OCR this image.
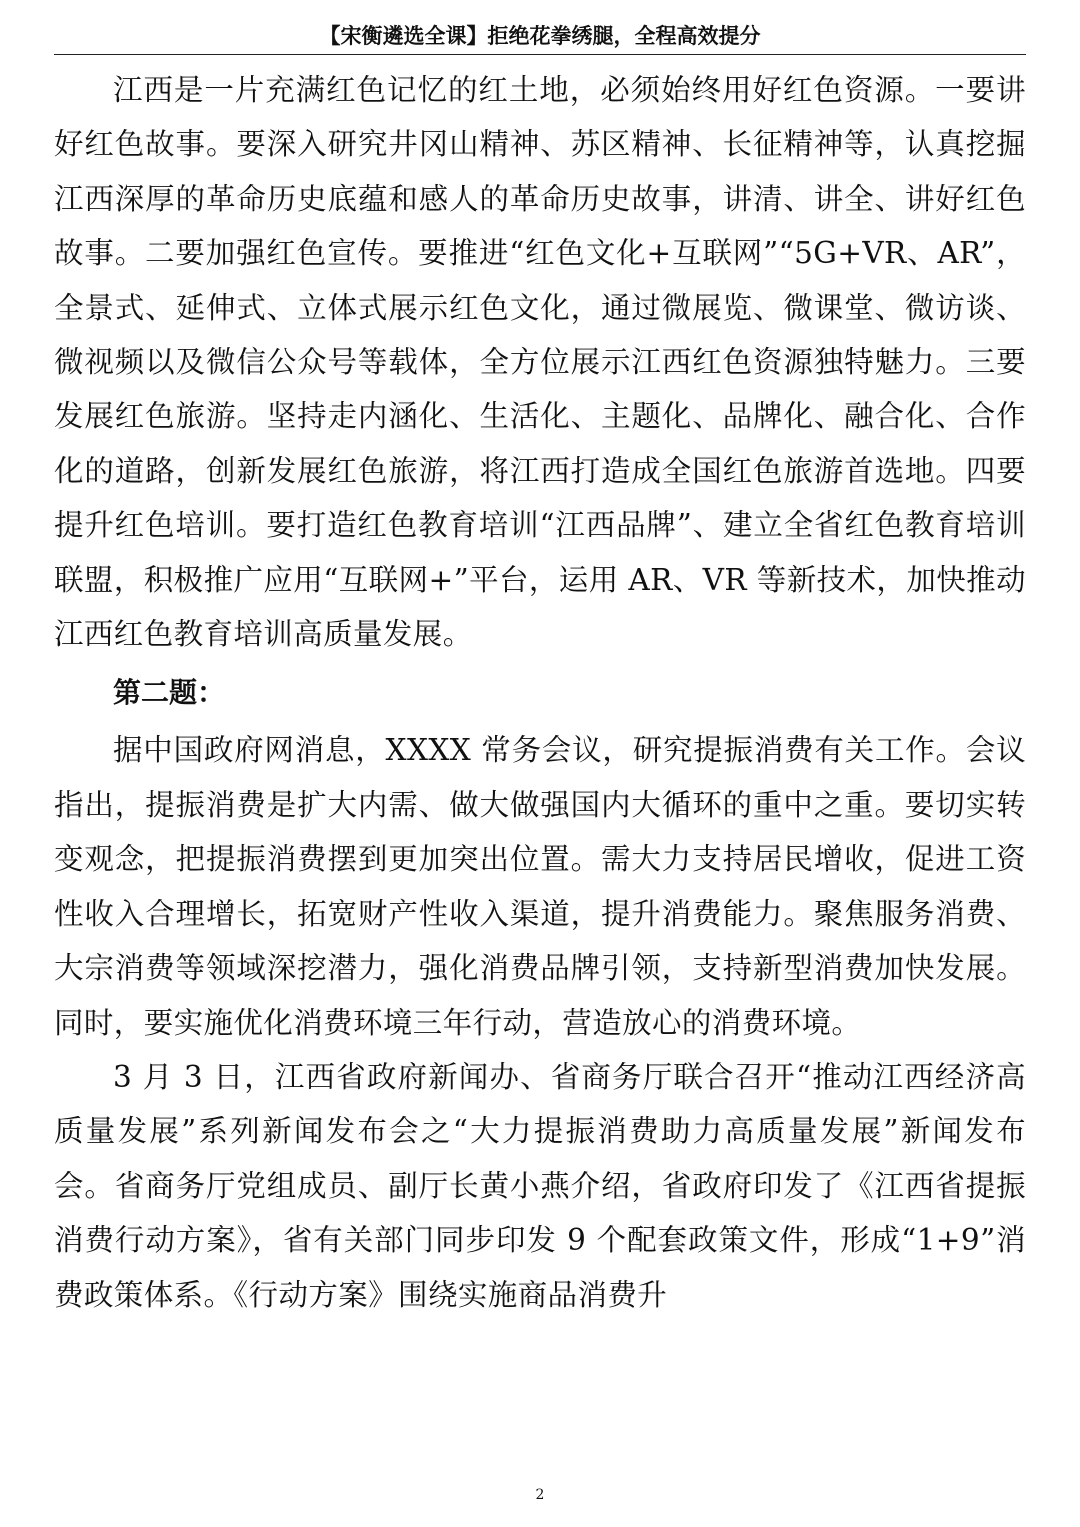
【宋衡遴选全课】拒绝花拳绣腿，全程高效提分

江西是一片充满红色记忆的红土地，必须始终用好红色资源。一要讲好红色故事。要深入研究井冈山精神、苏区精神、长征精神等，认真挖掘江西深厚的革命历史底蕴和感人的革命历史故事，讲清、讲全、讲好红色故事。二要加强红色宣传。要推进“红色文化+互联网”“5G+VR、AR”，全景式、延伸式、立体式展示红色文化，通过微展览、微课堂、微访谈、微视频以及微信公众号等载体，全方位展示江西红色资源独特魅力。三要发展红色旅游。坚持走内涵化、生活化、主题化、品牌化、融合化、合作化的道路，创新发展红色旅游，将江西打造成全国红色旅游首选地。四要提升红色培训。要打造红色教育培训“江西品牌”、建立全省红色教育培训联盟，积极推广应用“互联网+”平台，运用 AR、VR 等新技术，加快推动江西红色教育培训高质量发展。

第二题：

据中国政府网消息，XXXX 常务会议，研究提振消费有关工作。会议指出，提振消费是扩大内需、做大做强国内大循环的重中之重。要切实转变观念，把提振消费摆到更加突出位置。需大力支持居民增收，促进工资性收入合理增长，拓宽财产性收入渠道，提升消费能力。聚焦服务消费、大宗消费等领域深挖潜力，强化消费品牌引领，支持新型消费加快发展。同时，要实施优化消费环境三年行动，营造放心的消费环境。

3 月 3 日，江西省政府新闻办、省商务厅联合召开“推动江西经济高质量发展”系列新闻发布会之“大力提振消费助力高质量发展”新闻发布会。省商务厅党组成员、副厅长黄小燕介绍，省政府印发了《江西省提振消费行动方案》，省有关部门同步印发 9 个配套政策文件，形成“1+9”消费政策体系。《行动方案》围绕实施商品消费升

2
